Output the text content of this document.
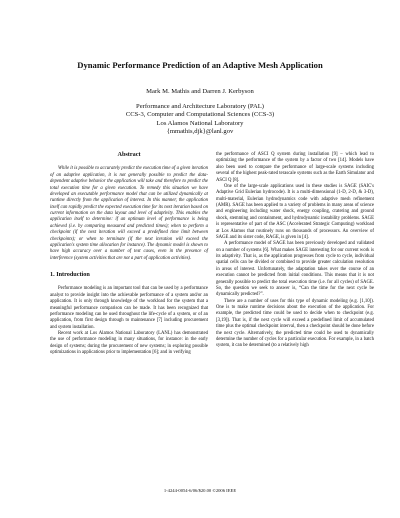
Dynamic Performance Prediction of an Adaptive Mesh Application
Mark M. Mathis and Darren J. Kerbyson
Performance and Architecture Laboratory (PAL)
CCS-3, Computer and Computational Sciences (CCS-3)
Los Alamos National Laboratory
{mmathis,djk}@lanl.gov
Abstract

While it is possible to accurately predict the execution time of a given iteration of an adaptive application, it is not generally possible to predict the data-dependent adaptive behavior the application will take and therefore to predict the total execution time for a given execution. To remedy this situation we have developed an executable performance model that can be utilized dynamically at runtime directly from the application of interest. In this manner, the application itself can rapidly predict the expected execution time for its next iteration based on current information on the data layout and level of adaptivity. This enables the application itself to determine: if an optimum level of performance is being achieved (i.e. by comparing measured and predicted times); when to perform a checkpoint (if the next iteration will exceed a predefined time limit between checkpoints); or when to terminate (if the next iteration will exceed the application's system time allocation for instance). The dynamic model is shown to have high accuracy over a number of test cases, even in the presence of interference (system activities that are not a part of application activities).

1. Introduction

Performance modeling is an important tool that can be used by a performance analyst to provide insight into the achievable performance of a system and/or an application. It is only through knowledge of the workload for the system that a meaningful performance comparison can be made. It has been recognized that performance modeling can be used throughout the life-cycle of a system, or of an application, from first design through to maintenance [7] including procurement and system installation.

Recent work at Los Alamos National Laboratory (LANL) has demonstrated the use of performance modeling in many situations, for instance: in the early design of systems; during the procurement of new systems; in exploring possible optimizations in applications prior to implementation [6]; and in verifying

the performance of ASCI Q system during installation [9] – which lead to optimizing the performance of the system by a factor of two [14]. Models have also been used to compare the performance of large-scale systems including several of the highest peak-rated terascale systems such as the Earth Simulator and ASCI Q [8].

One of the large-scale applications used in these studies is SAGE (SAIC's Adaptive Grid Eulerian hydrocode). It is a multi-dimensional (1-D, 2-D, & 3-D), multi-material, Eulerian hydrodynamics code with adaptive mesh refinement (AMR). SAGE has been applied to a variety of problems in many areas of science and engineering including water shock, energy coupling, cratering and ground shock, stemming and containment, and hydrodynamic instability problems. SAGE is representative of part of the ASC (Accelerated Strategic Computing) workload at Los Alamos that routinely runs on thousands of processors. An overview of SAGE and its sister code, RAGE, is given in [4].

A performance model of SAGE has been previously developed and validated on a number of systems [6]. What makes SAGE interesting for our current work is its adaptivity. That is, as the application progresses from cycle to cycle, individual spatial cells can be divided or combined to provide greater calculation resolution in areas of interest. Unfortunately, the adaptation takes over the course of an execution cannot be predicted from initial conditions. This means that it is not generally possible to predict the total execution time (i.e. for all cycles) of SAGE. So, the question we seek to answer is, “Can the time for the next cycle be dynamically predicted?”.

There are a number of uses for this type of dynamic modeling (e.g. [1,10]). One is to make runtime decisions about the execution of the application. For example, the predicted time could be used to decide when to checkpoint (e.g. [3,19]). That is, if the next cycle will exceed a predefined limit of accumulated time plus the optimal checkpoint interval, then a checkpoint should be done before the next cycle. Alternatively, the predicted time could be used to dynamically determine the number of cycles for a particular execution. For example, in a batch system, it can be determined (to a relatively high

1-4244-0054-6/06/$20.00 ©2006 IEEE
